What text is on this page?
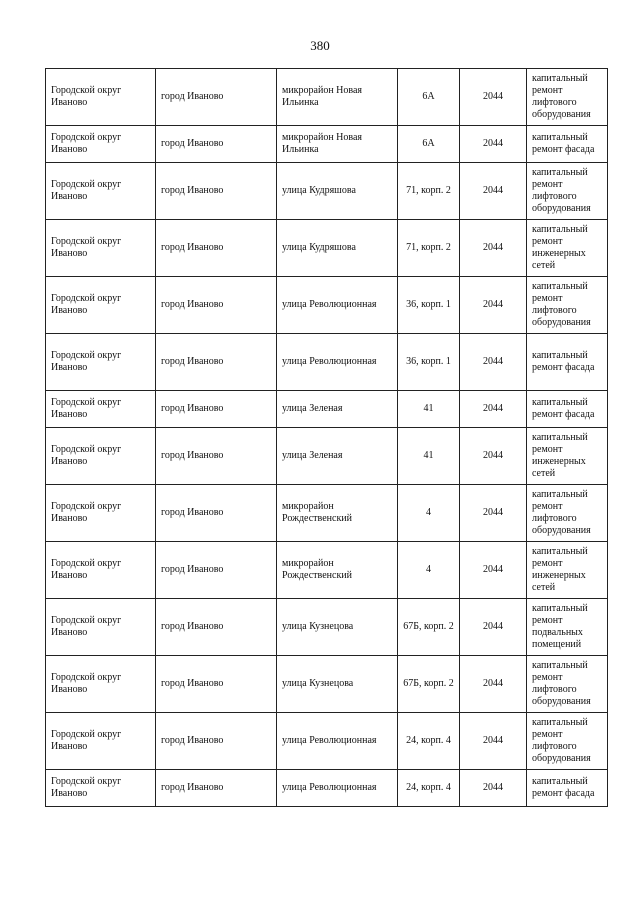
380
Городской округ Иваново	город Иваново	микрорайон Новая Ильинка	6А	2044	капитальный ремонт лифтового оборудования
Городской округ Иваново	город Иваново	микрорайон Новая Ильинка	6А	2044	капитальный ремонт фасада
Городской округ Иваново	город Иваново	улица Кудряшова	71, корп. 2	2044	капитальный ремонт лифтового оборудования
Городской округ Иваново	город Иваново	улица Кудряшова	71, корп. 2	2044	капитальный ремонт инженерных сетей
Городской округ Иваново	город Иваново	улица Революционная	36, корп. 1	2044	капитальный ремонт лифтового оборудования
Городской округ Иваново	город Иваново	улица Революционная	36, корп. 1	2044	капитальный ремонт фасада
Городской округ Иваново	город Иваново	улица Зеленая	41	2044	капитальный ремонт фасада
Городской округ Иваново	город Иваново	улица Зеленая	41	2044	капитальный ремонт инженерных сетей
Городской округ Иваново	город Иваново	микрорайон Рождественский	4	2044	капитальный ремонт лифтового оборудования
Городской округ Иваново	город Иваново	микрорайон Рождественский	4	2044	капитальный ремонт инженерных сетей
Городской округ Иваново	город Иваново	улица Кузнецова	67Б, корп. 2	2044	капитальный ремонт подвальных помещений
Городской округ Иваново	город Иваново	улица Кузнецова	67Б, корп. 2	2044	капитальный ремонт лифтового оборудования
Городской округ Иваново	город Иваново	улица Революционная	24, корп. 4	2044	капитальный ремонт лифтового оборудования
Городской округ Иваново	город Иваново	улица Революционная	24, корп. 4	2044	капитальный ремонт фасада
